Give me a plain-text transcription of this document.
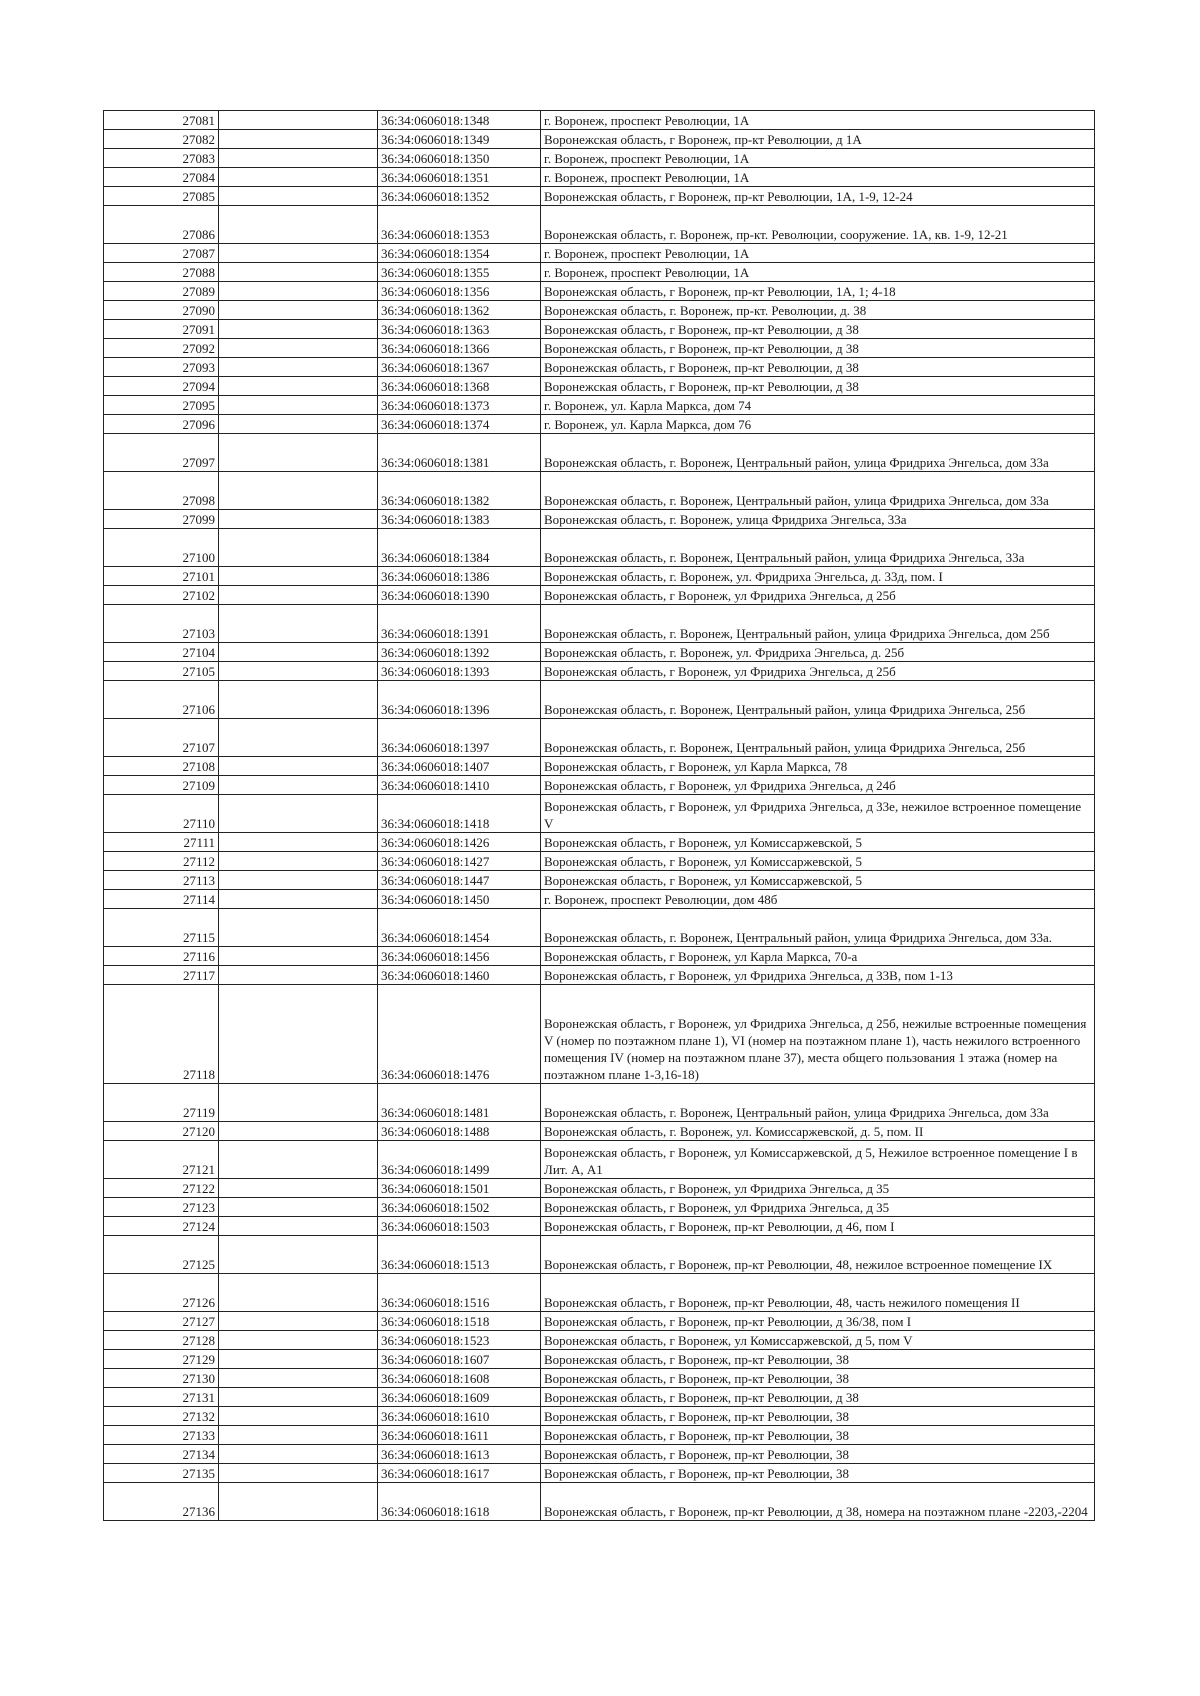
27081		36:34:0606018:1348	г. Воронеж, проспект Революции, 1А
27082		36:34:0606018:1349	Воронежская область, г Воронеж, пр-кт Революции, д 1А
27083		36:34:0606018:1350	г. Воронеж, проспект Революции, 1А
27084		36:34:0606018:1351	г. Воронеж, проспект Революции, 1А
27085		36:34:0606018:1352	Воронежская область, г Воронеж, пр-кт Революции, 1А, 1-9, 12-24
27086		36:34:0606018:1353	Воронежская область, г. Воронеж, пр-кт. Революции, сооружение. 1А, кв. 1-9, 12-21
27087		36:34:0606018:1354	г. Воронеж, проспект Революции, 1А
27088		36:34:0606018:1355	г. Воронеж, проспект Революции, 1А
27089		36:34:0606018:1356	Воронежская область, г Воронеж, пр-кт Революции, 1А, 1; 4-18
27090		36:34:0606018:1362	Воронежская область, г. Воронеж, пр-кт. Революции, д. 38
27091		36:34:0606018:1363	Воронежская область, г Воронеж, пр-кт Революции, д 38
27092		36:34:0606018:1366	Воронежская область, г Воронеж, пр-кт Революции, д 38
27093		36:34:0606018:1367	Воронежская область, г Воронеж, пр-кт Революции, д 38
27094		36:34:0606018:1368	Воронежская область, г Воронеж, пр-кт Революции, д 38
27095		36:34:0606018:1373	г. Воронеж, ул. Карла Маркса, дом 74
27096		36:34:0606018:1374	г. Воронеж, ул. Карла Маркса, дом 76
27097		36:34:0606018:1381	Воронежская область, г. Воронеж, Центральный район, улица Фридриха Энгельса, дом 33а
27098		36:34:0606018:1382	Воронежская область, г. Воронеж, Центральный район, улица Фридриха Энгельса, дом 33а
27099		36:34:0606018:1383	Воронежская область, г. Воронеж, улица Фридриха Энгельса, 33а
27100		36:34:0606018:1384	Воронежская область, г. Воронеж, Центральный район, улица Фридриха Энгельса, 33а
27101		36:34:0606018:1386	Воронежская область, г. Воронеж, ул. Фридриха Энгельса, д. 33д, пом. I
27102		36:34:0606018:1390	Воронежская область, г Воронеж, ул Фридриха Энгельса, д 25б
27103		36:34:0606018:1391	Воронежская область, г. Воронеж, Центральный район, улица Фридриха Энгельса, дом 25б
27104		36:34:0606018:1392	Воронежская область, г. Воронеж, ул. Фридриха Энгельса, д. 25б
27105		36:34:0606018:1393	Воронежская область, г Воронеж, ул Фридриха Энгельса, д 25б
27106		36:34:0606018:1396	Воронежская область, г. Воронеж, Центральный район, улица Фридриха Энгельса, 25б
27107		36:34:0606018:1397	Воронежская область, г. Воронеж, Центральный район, улица Фридриха Энгельса, 25б
27108		36:34:0606018:1407	Воронежская область, г Воронеж, ул Карла Маркса, 78
27109		36:34:0606018:1410	Воронежская область, г Воронеж, ул Фридриха Энгельса, д 24б
27110		36:34:0606018:1418	Воронежская область, г Воронеж, ул Фридриха Энгельса, д 33е, нежилое встроенное помещение V
27111		36:34:0606018:1426	Воронежская область, г Воронеж, ул Комиссаржевской, 5
27112		36:34:0606018:1427	Воронежская область, г Воронеж, ул Комиссаржевской, 5
27113		36:34:0606018:1447	Воронежская область, г Воронеж, ул Комиссаржевской, 5
27114		36:34:0606018:1450	г. Воронеж, проспект Революции, дом 48б
27115		36:34:0606018:1454	Воронежская область, г. Воронеж, Центральный район, улица Фридриха Энгельса, дом 33а.
27116		36:34:0606018:1456	Воронежская область, г Воронеж, ул Карла Маркса, 70-а
27117		36:34:0606018:1460	Воронежская область, г Воронеж, ул Фридриха Энгельса, д 33В, пом 1-13
27118		36:34:0606018:1476	Воронежская область, г Воронеж, ул Фридриха Энгельса, д 25б, нежилые встроенные помещения V (номер по поэтажном плане 1), VI (номер на поэтажном плане 1), часть нежилого встроенного помещения IV (номер на поэтажном плане 37), места общего пользования 1 этажа (номер на поэтажном плане 1-3,16-18)
27119		36:34:0606018:1481	Воронежская область, г. Воронеж, Центральный район, улица Фридриха Энгельса, дом 33а
27120		36:34:0606018:1488	Воронежская область, г. Воронеж, ул. Комиссаржевской, д. 5, пом. II
27121		36:34:0606018:1499	Воронежская область, г Воронеж, ул Комиссаржевской, д 5, Нежилое встроенное помещение I в Лит. А, А1
27122		36:34:0606018:1501	Воронежская область, г Воронеж, ул Фридриха Энгельса, д 35
27123		36:34:0606018:1502	Воронежская область, г Воронеж, ул Фридриха Энгельса, д 35
27124		36:34:0606018:1503	Воронежская область, г Воронеж, пр-кт Революции, д 46, пом I
27125		36:34:0606018:1513	Воронежская область, г Воронеж, пр-кт Революции, 48, нежилое встроенное помещение IX
27126		36:34:0606018:1516	Воронежская область, г Воронеж, пр-кт Революции, 48, часть нежилого помещения II
27127		36:34:0606018:1518	Воронежская область, г Воронеж, пр-кт Революции, д 36/38, пом I
27128		36:34:0606018:1523	Воронежская область, г Воронеж, ул Комиссаржевской, д 5, пом V
27129		36:34:0606018:1607	Воронежская область, г Воронеж, пр-кт Революции, 38
27130		36:34:0606018:1608	Воронежская область, г Воронеж, пр-кт Революции, 38
27131		36:34:0606018:1609	Воронежская область, г Воронеж, пр-кт Революции, д 38
27132		36:34:0606018:1610	Воронежская область, г Воронеж, пр-кт Революции, 38
27133		36:34:0606018:1611	Воронежская область, г Воронеж, пр-кт Революции, 38
27134		36:34:0606018:1613	Воронежская область, г Воронеж, пр-кт Революции, 38
27135		36:34:0606018:1617	Воронежская область, г Воронеж, пр-кт Революции, 38
27136		36:34:0606018:1618	Воронежская область, г Воронеж, пр-кт Революции, д 38, номера на поэтажном плане -2203,-2204
